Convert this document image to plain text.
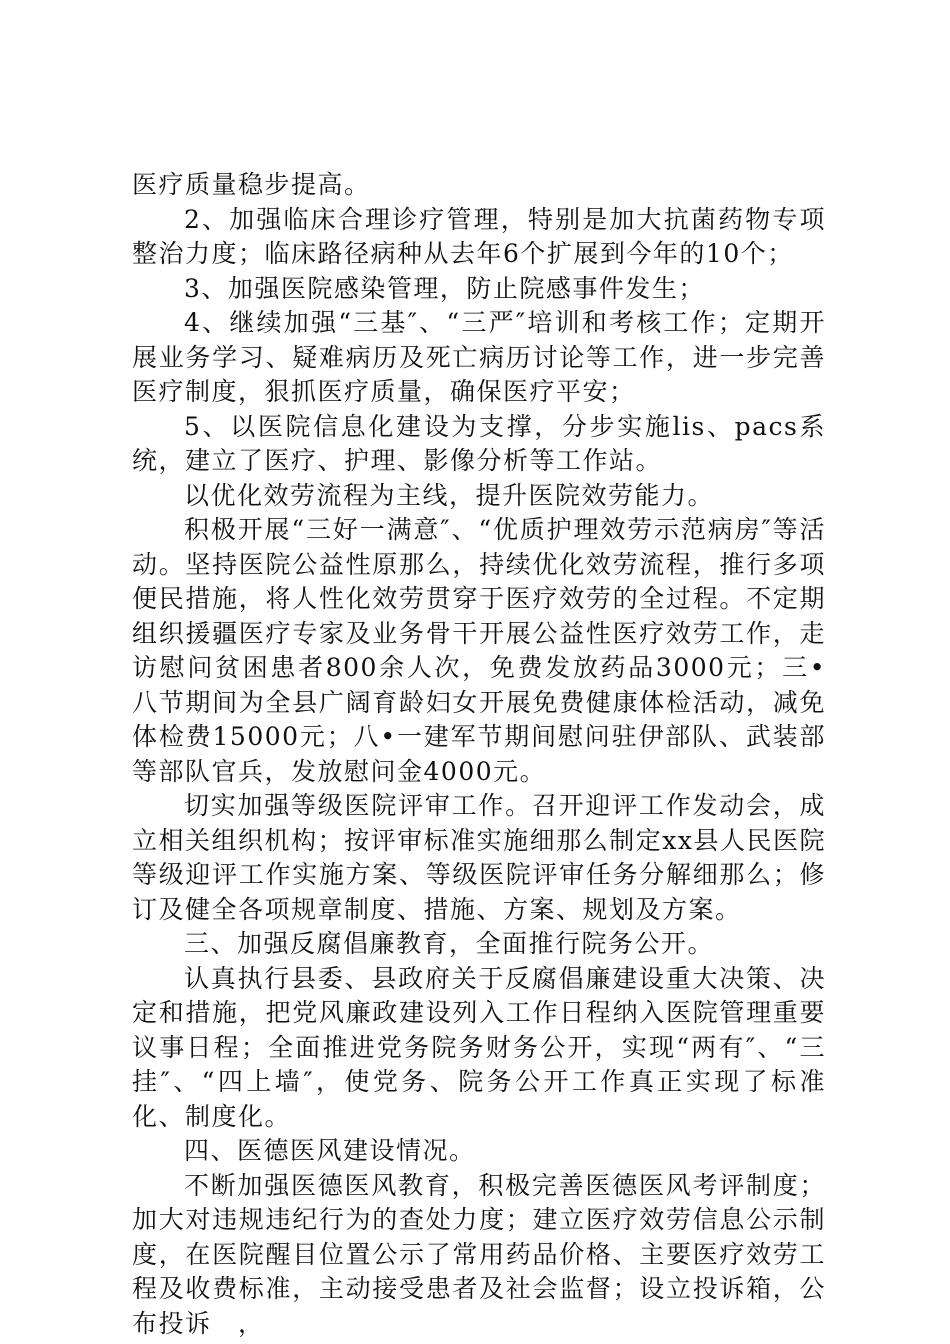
医疗质量稳步提高。

2、加强临床合理诊疗管理，特别是加大抗菌药物专项整治力度；临床路径病种从去年6个扩展到今年的10个；

3、加强医院感染管理，防止院感事件发生；

4、继续加强“三基″、“三严″培训和考核工作；定期开展业务学习、疑难病历及死亡病历讨论等工作，进一步完善医疗制度，狠抓医疗质量，确保医疗平安；

5、以医院信息化建设为支撑，分步实施lis、pacs系统，建立了医疗、护理、影像分析等工作站。

以优化效劳流程为主线，提升医院效劳能力。

积极开展“三好一满意″、“优质护理效劳示范病房″等活动。坚持医院公益性原那么，持续优化效劳流程，推行多项便民措施，将人性化效劳贯穿于医疗效劳的全过程。不定期组织援疆医疗专家及业务骨干开展公益性医疗效劳工作，走访慰问贫困患者800余人次，免费发放药品3000元；三•八节期间为全县广阔育龄妇女开展免费健康体检活动，减免体检费15000元；八•一建军节期间慰问驻伊部队、武装部等部队官兵，发放慰问金4000元。

切实加强等级医院评审工作。召开迎评工作发动会，成立相关组织机构；按评审标准实施细那么制定xx县人民医院等级迎评工作实施方案、等级医院评审任务分解细那么；修订及健全各项规章制度、措施、方案、规划及方案。

三、加强反腐倡廉教育，全面推行院务公开。

认真执行县委、县政府关于反腐倡廉建设重大决策、决定和措施，把党风廉政建设列入工作日程纳入医院管理重要议事日程；全面推进党务院务财务公开，实现“两有″、“三挂″、“四上墙″，使党务、院务公开工作真正实现了标准化、制度化。

四、医德医风建设情况。

不断加强医德医风教育，积极完善医德医风考评制度；加大对违规违纪行为的查处力度；建立医疗效劳信息公示制度，在医院醒目位置公示了常用药品价格、主要医疗效劳工程及收费标准，主动接受患者及社会监督；设立投诉箱，公布投诉　，
